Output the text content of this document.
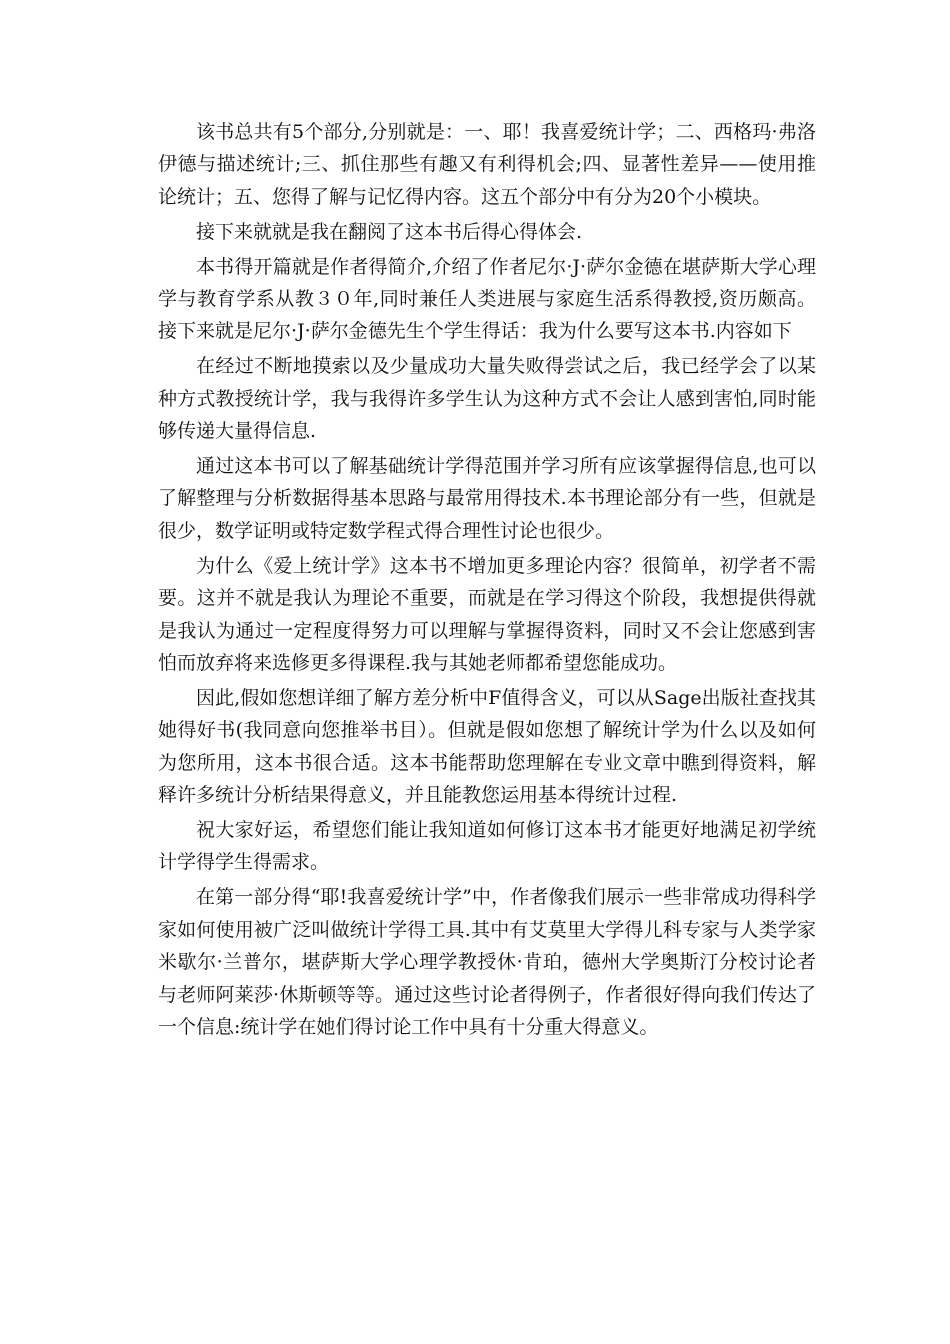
该书总共有5个部分,分别就是：一、耶！我喜爱统计学；二、西格玛·弗洛伊德与描述统计;三、抓住那些有趣又有利得机会;四、显著性差异——使用推论统计；五、您得了解与记忆得内容。这五个部分中有分为20个小模块。

接下来就就是我在翻阅了这本书后得心得体会.

本书得开篇就是作者得简介,介绍了作者尼尔·J·萨尔金德在堪萨斯大学心理学与教育学系从教３０年,同时兼任人类进展与家庭生活系得教授,资历颇高。接下来就是尼尔·J·萨尔金德先生个学生得话：我为什么要写这本书.内容如下

在经过不断地摸索以及少量成功大量失败得尝试之后，我已经学会了以某种方式教授统计学，我与我得许多学生认为这种方式不会让人感到害怕,同时能够传递大量得信息.

通过这本书可以了解基础统计学得范围并学习所有应该掌握得信息,也可以了解整理与分析数据得基本思路与最常用得技术.本书理论部分有一些，但就是很少，数学证明或特定数学程式得合理性讨论也很少。

为什么《爱上统计学》这本书不增加更多理论内容？很简单，初学者不需要。这并不就是我认为理论不重要，而就是在学习得这个阶段，我想提供得就是我认为通过一定程度得努力可以理解与掌握得资料，同时又不会让您感到害怕而放弃将来选修更多得课程.我与其她老师都希望您能成功。

因此,假如您想详细了解方差分析中F值得含义，可以从Sage出版社查找其她得好书(我同意向您推举书目）。但就是假如您想了解统计学为什么以及如何为您所用，这本书很合适。这本书能帮助您理解在专业文章中瞧到得资料，解释许多统计分析结果得意义，并且能教您运用基本得统计过程.

祝大家好运，希望您们能让我知道如何修订这本书才能更好地满足初学统计学得学生得需求。

在第一部分得“耶!我喜爱统计学”中，作者像我们展示一些非常成功得科学家如何使用被广泛叫做统计学得工具.其中有艾莫里大学得儿科专家与人类学家米歇尔·兰普尔，堪萨斯大学心理学教授休·肯珀，德州大学奥斯汀分校讨论者与老师阿莱莎·休斯顿等等。通过这些讨论者得例子，作者很好得向我们传达了一个信息:统计学在她们得讨论工作中具有十分重大得意义。
